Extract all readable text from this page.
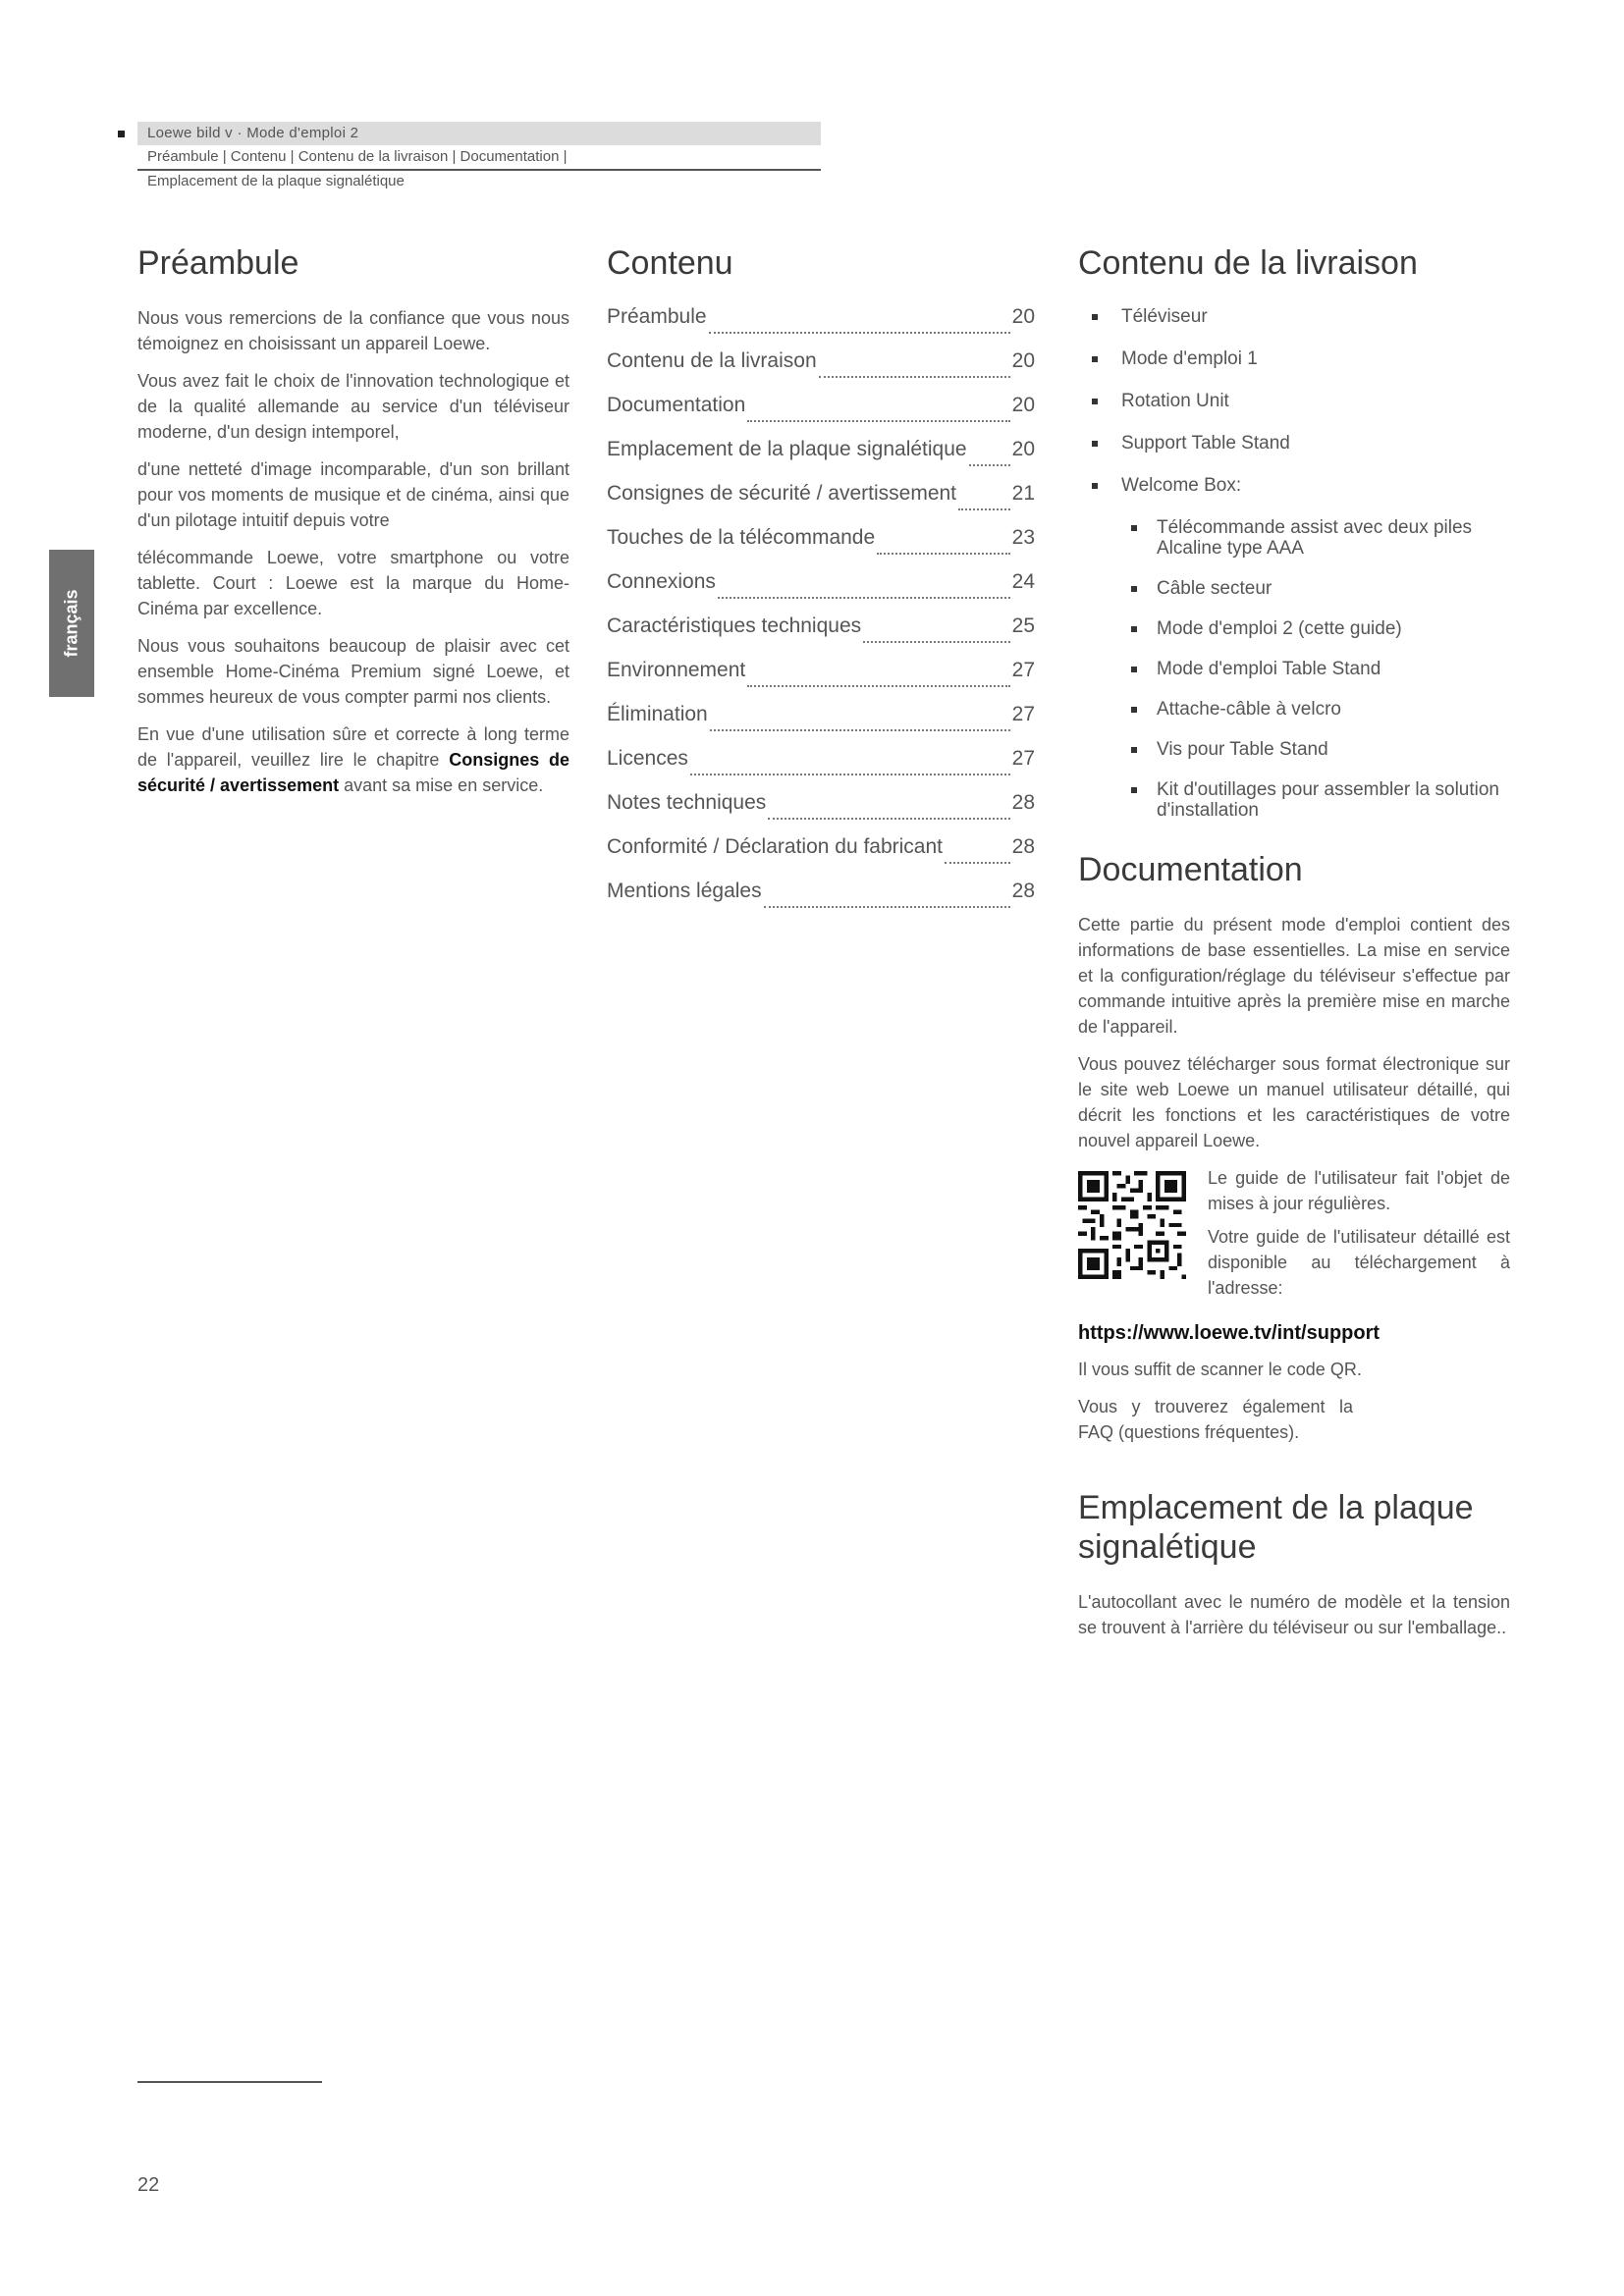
Loewe bild v · Mode d'emploi 2
Préambule | Contenu | Contenu de la livraison | Documentation |
Emplacement de la plaque signalétique
français
Préambule

Nous vous remercions de la confiance que vous nous témoignez en choisissant un appareil Loewe.

Vous avez fait le choix de l'innovation technologique et de la qualité allemande au service d'un téléviseur moderne, d'un design intemporel,

d'une netteté d'image incomparable, d'un son brillant pour vos moments de musique et de cinéma, ainsi que d'un pilotage intuitif depuis votre

télécommande Loewe, votre smartphone ou votre tablette. Court : Loewe est la marque du Home-Cinéma par excellence.

Nous vous souhaitons beaucoup de plaisir avec cet ensemble Home-Cinéma Premium signé Loewe, et sommes heureux de vous compter parmi nos clients.

En vue d'une utilisation sûre et correcte à long terme de l'appareil, veuillez lire le chapitre Consignes de sécurité / avertissement avant sa mise en service.

Contenu
Préambule	20
Contenu de la livraison	20
Documentation	20
Emplacement de la plaque signalétique 20
Consignes de sécurité / avertissement	21
Touches de la télécommande	23
Connexions	24
Caractéristiques techniques	25
Environnement	27
Élimination	27
Licences	27
Notes techniques	28
Conformité / Déclaration du fabricant	28
Mentions légales	28
Contenu de la livraison
Téléviseur
Mode d'emploi 1
Rotation Unit
Support Table Stand
Welcome Box:
Télécommande assist avec deux piles Alcaline type AAA
Câble secteur
Mode d'emploi 2 (cette guide)
Mode d'emploi Table Stand
Attache-câble à velcro
Vis pour Table Stand
Kit d'outillages pour assembler la solution d'installation
Documentation

Cette partie du présent mode d'emploi contient des informations de base essentielles. La mise en service et la configuration/réglage du téléviseur s'effectue par commande intuitive après la première mise en marche de l'appareil.

Vous pouvez télécharger sous format électronique sur le site web Loewe un manuel utilisateur détaillé, qui décrit les fonctions et les caractéristiques de votre nouvel appareil Loewe.

Le guide de l'utilisateur fait l'objet de mises à jour régulières.

Votre guide de l'utilisateur détaillé est disponible au téléchargement à l'adresse:

https://www.loewe.tv/int/support

Il vous suffit de scanner le code QR.

Vous y trouverez également la FAQ (questions fréquentes).

Emplacement de la plaque signalétique

L'autocollant avec le numéro de modèle et la tension se trouvent à l'arrière du téléviseur ou sur l'emballage..

22
